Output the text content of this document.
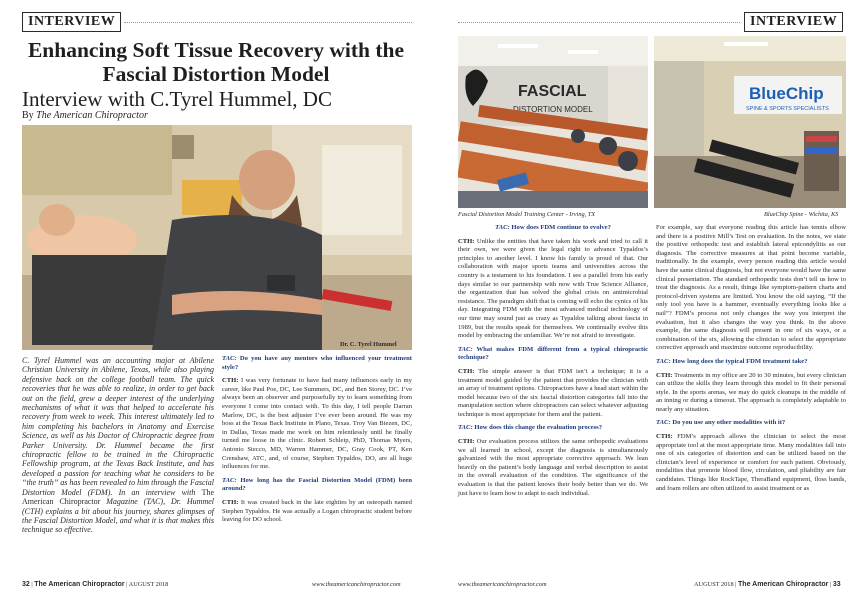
INTERVIEW
Enhancing Soft Tissue Recovery with the Fascial Distortion Model
Interview with C.Tyrel Hummel, DC
By The American Chiropractor
Dr. C. Tyrel Hummel
C. Tyrel Hummel was an accounting major at Abilene Christian University in Abilene, Texas, while also playing defensive back on the college football team. The quick recoveries that he was able to realize, in order to get back out on the field, grew a deeper interest of the underlying mechanisms of what it was that helped to accelerate his recovery from week to week. This interest ultimately led to him completing his bachelors in Anatomy and Exercise Science, as well as his Doctor of Chiropractic degree from Parker University. Dr. Hummel became the first chiropractic fellow to be trained in the Chiropractic Fellowship program, at the Texas Back Institute, and has developed a passion for teaching what he considers to be “the truth” as has been revealed to him through the Fascial Distortion Model (FDM). In an interview with The American Chiropractor Magazine (TAC), Dr. Hummel (CTH) explains a bit about his journey, shares glimpses of the Fascial Distortion Model, and what it is that makes this technique so effective.

TAC: Do you have any mentors who influenced your treatment style?

CTH: I was very fortunate to have had many influences early in my career, like Paul Poe, DC, Lee Summers, DC, and Ben Storey, DC. I’ve always been an observer and purposefully try to learn something from everyone I come into contact with. To this day, I tell people Darran Marlow, DC, is the best adjuster I’ve ever been around. He was my boss at the Texas Back Institute in Plano, Texas. Troy Van Biezen, DC, in Dallas, Texas made me work on him relentlessly until he finally turned me loose in the clinic. Robert Schleip, PhD, Thomas Myers, Antonio Stecco, MD, Warren Hammer, DC, Gray Cook, PT, Ken Crenshaw, ATC, and, of course, Stephen Typaldos, DO, are all huge influences for me.

TAC: How long has the Fascial Distortion Model (FDM) been around?

CTH: It was created back in the late eighties by an osteopath named Stephen Typaldos. He was actually a Logan chiropractic student before leaving for DO school.

32 | The American Chiropractor | AUGUST 2018	www.theamericanchiropractor.com
INTERVIEW
FASCIAL
DISTORTION MODEL
Fascial Distortion Model Training Center - Irving, TX
BlueChip
SPINE & SPORTS SPECIALISTS
BlueChip Spine - Wichita, KS

TAC: How does FDM continue to evolve?

CTH: Unlike the entities that have taken his work and tried to call it their own, we were given the legal right to advance Typaldos’s principles to another level. I know his family is proud of that. Our collaboration with major sports teams and universities across the country is a testament to his foundation. I see a parallel from his early days similar to our partnership with now with True Science Alliance, the organization that has solved the global crisis on antimicrobial resistance. The paradigm shift that is coming will echo the cynics of his day. Integrating FDM with the most advanced medical technology of our time may sound just as crazy as Typaldos talking about fascia in 1989, but the results speak for themselves. We continually evolve this model by embracing the unfamiliar. We’re not afraid to investigate.

TAC: What makes FDM different from a typical chiropractic technique?

CTH: The simple answer is that FDM isn’t a technique; it is a treatment model guided by the patient that provides the clinician with an array of treatment options. Chiropractors have a head start within the model because two of the six fascial distortion categories fall into the manipulation section where chiropractors can select whatever adjusting technique is most appropriate for them and the patient.

TAC: How does this change the evaluation process?

CTH: Our evaluation process utilizes the same orthopedic evaluations we all learned in school, except the diagnosis is simultaneously galvanized with the most appropriate corrective approach. We lean heavily on the patient’s body language and verbal description to assist in the overall evaluation of the condition. The significance of the evaluation is that the patient knows their body better than we do. We just have to learn how to adapt to each individual.

For example, say that everyone reading this article has tennis elbow and there is a positive Mill’s Test on evaluation. In the notes, we state the positive orthopedic test and establish lateral epicondylitis as our diagnosis. The corrective measures at that point become variable, traditionally. In the example, every person reading this article would have the same clinical diagnosis, but not everyone would have the same clinical presentation. The standard orthopedic tests don’t tell us how to treat the diagnosis. As a result, things like symptom-pattern charts and protocol-driven systems are limited. You know the old saying, “If the only tool you have is a hammer, eventually everything looks like a nail”? FDM’s process not only changes the way you interpret the evaluation, but it also changes the way you think. In the above example, the same diagnosis will present in one of six ways, or a combination of the six, allowing the clinician to select the appropriate corrective approach and maximize outcome reproducibility.

TAC: How long does the typical FDM treatment take?

CTH: Treatments in my office are 20 to 30 minutes, but every clinician can utilize the skills they learn through this model to fit their personal style. In the sports arenas, we may do quick cleanups in the middle of an inning or during a timeout. The approach is completely adaptable to nearly any situation.

TAC: Do you use any other modalities with it?

CTH: FDM’s approach allows the clinician to select the most appropriate tool at the most appropriate time. Many modalities fall into one of six categories of distortion and can be utilized based on the clinician’s level of experience or comfort for each patient. Obviously, modalities that promote blood flow, circulation, and pliability are fair candidates. Things like RockTape, TheraBand equipment, floss bands, and foam rollers are often utilized to assist treatment or as

www.theamericanchiropractor.com	AUGUST 2018 | The American Chiropractor | 33
